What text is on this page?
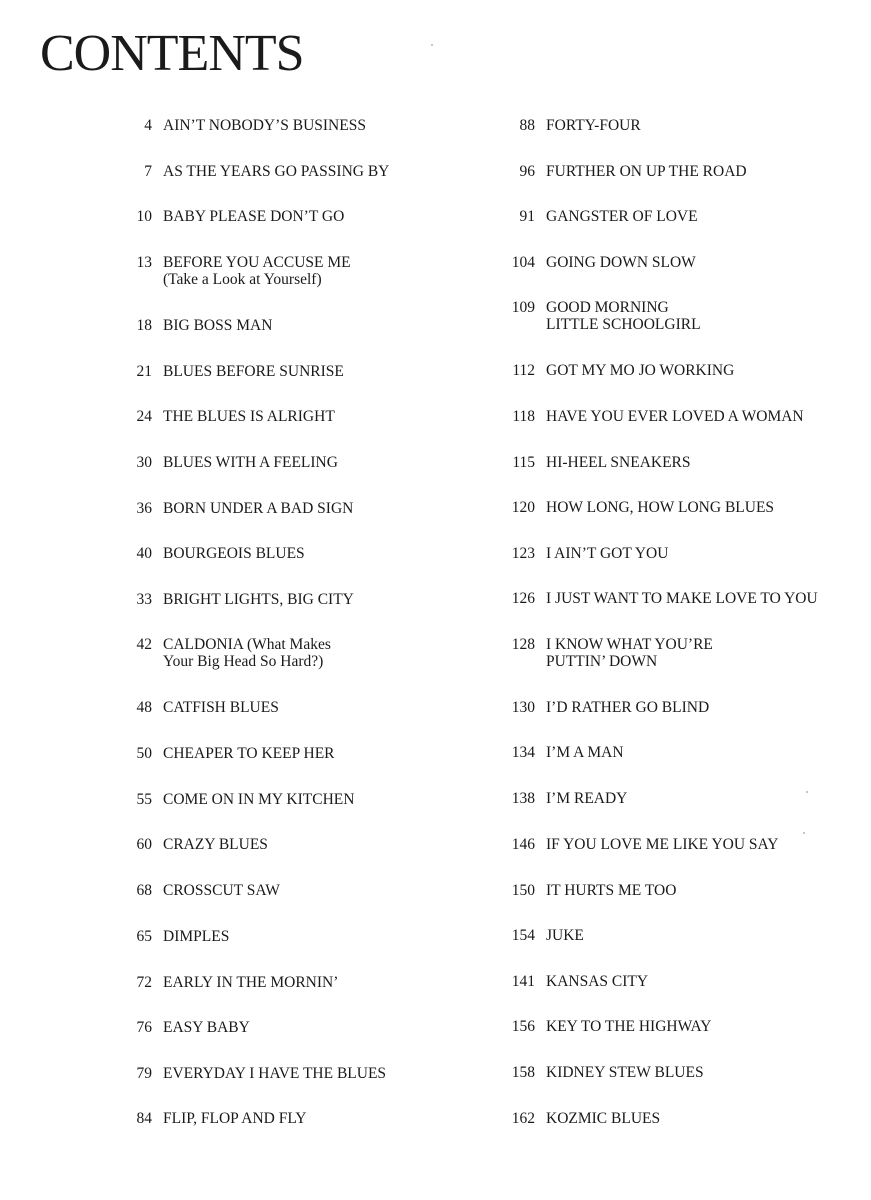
CONTENTS
4 AIN’T NOBODY’S BUSINESS
7 AS THE YEARS GO PASSING BY
10 BABY PLEASE DON’T GO
13 BEFORE YOU ACCUSE ME
(Take a Look at Yourself)
18 BIG BOSS MAN
21 BLUES BEFORE SUNRISE
24 THE BLUES IS ALRIGHT
30 BLUES WITH A FEELING
36 BORN UNDER A BAD SIGN
40 BOURGEOIS BLUES
33 BRIGHT LIGHTS, BIG CITY
42 CALDONIA (What Makes
Your Big Head So Hard?)
48 CATFISH BLUES
50 CHEAPER TO KEEP HER
55 COME ON IN MY KITCHEN
60 CRAZY BLUES
68 CROSSCUT SAW
65 DIMPLES
72 EARLY IN THE MORNIN’
76 EASY BABY
79 EVERYDAY I HAVE THE BLUES
84 FLIP, FLOP AND FLY
88 FORTY-FOUR
96 FURTHER ON UP THE ROAD
91 GANGSTER OF LOVE
104 GOING DOWN SLOW
109 GOOD MORNING
LITTLE SCHOOLGIRL
112 GOT MY MO JO WORKING
118 HAVE YOU EVER LOVED A WOMAN
115 HI-HEEL SNEAKERS
120 HOW LONG, HOW LONG BLUES
123 I AIN’T GOT YOU
126 I JUST WANT TO MAKE LOVE TO YOU
128 I KNOW WHAT YOU’RE
PUTTIN’ DOWN
130 I’D RATHER GO BLIND
134 I’M A MAN
138 I’M READY
146 IF YOU LOVE ME LIKE YOU SAY
150 IT HURTS ME TOO
154 JUKE
141 KANSAS CITY
156 KEY TO THE HIGHWAY
158 KIDNEY STEW BLUES
162 KOZMIC BLUES
